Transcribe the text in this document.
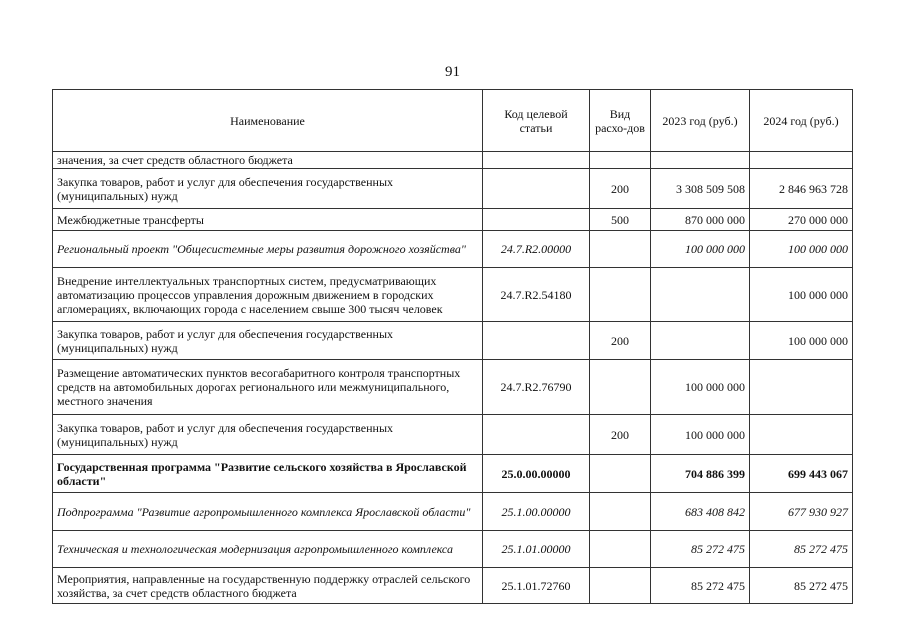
91
Наименование	Код целевой статьи	Вид расхо-дов	2023 год (руб.)	2024 год (руб.)
значения, за счет средств областного бюджета				
Закупка товаров, работ и услуг для обеспечения государственных (муниципальных) нужд		200	3 308 509 508	2 846 963 728
Межбюджетные трансферты		500	870 000 000	270 000 000
Региональный проект "Общесистемные меры развития дорожного хозяйства"	24.7.R2.00000		100 000 000	100 000 000
Внедрение интеллектуальных транспортных систем, предусматривающих автоматизацию процессов управления дорожным движением в городских агломерациях, включающих города с населением свыше 300 тысяч человек	24.7.R2.54180			100 000 000
Закупка товаров, работ и услуг для обеспечения государственных (муниципальных) нужд		200		100 000 000
Размещение автоматических пунктов весогабаритного контроля транспортных средств на автомобильных дорогах регионального или межмуниципального, местного значения	24.7.R2.76790		100 000 000	
Закупка товаров, работ и услуг для обеспечения государственных (муниципальных) нужд		200	100 000 000	
Государственная программа "Развитие сельского хозяйства в Ярославской области"	25.0.00.00000		704 886 399	699 443 067
Подпрограмма "Развитие агропромышленного комплекса Ярославской области"	25.1.00.00000		683 408 842	677 930 927
Техническая и технологическая модернизация агропромышленного комплекса	25.1.01.00000		85 272 475	85 272 475
Мероприятия, направленные на государственную поддержку отраслей сельского хозяйства, за счет средств областного бюджета	25.1.01.72760		85 272 475	85 272 475
